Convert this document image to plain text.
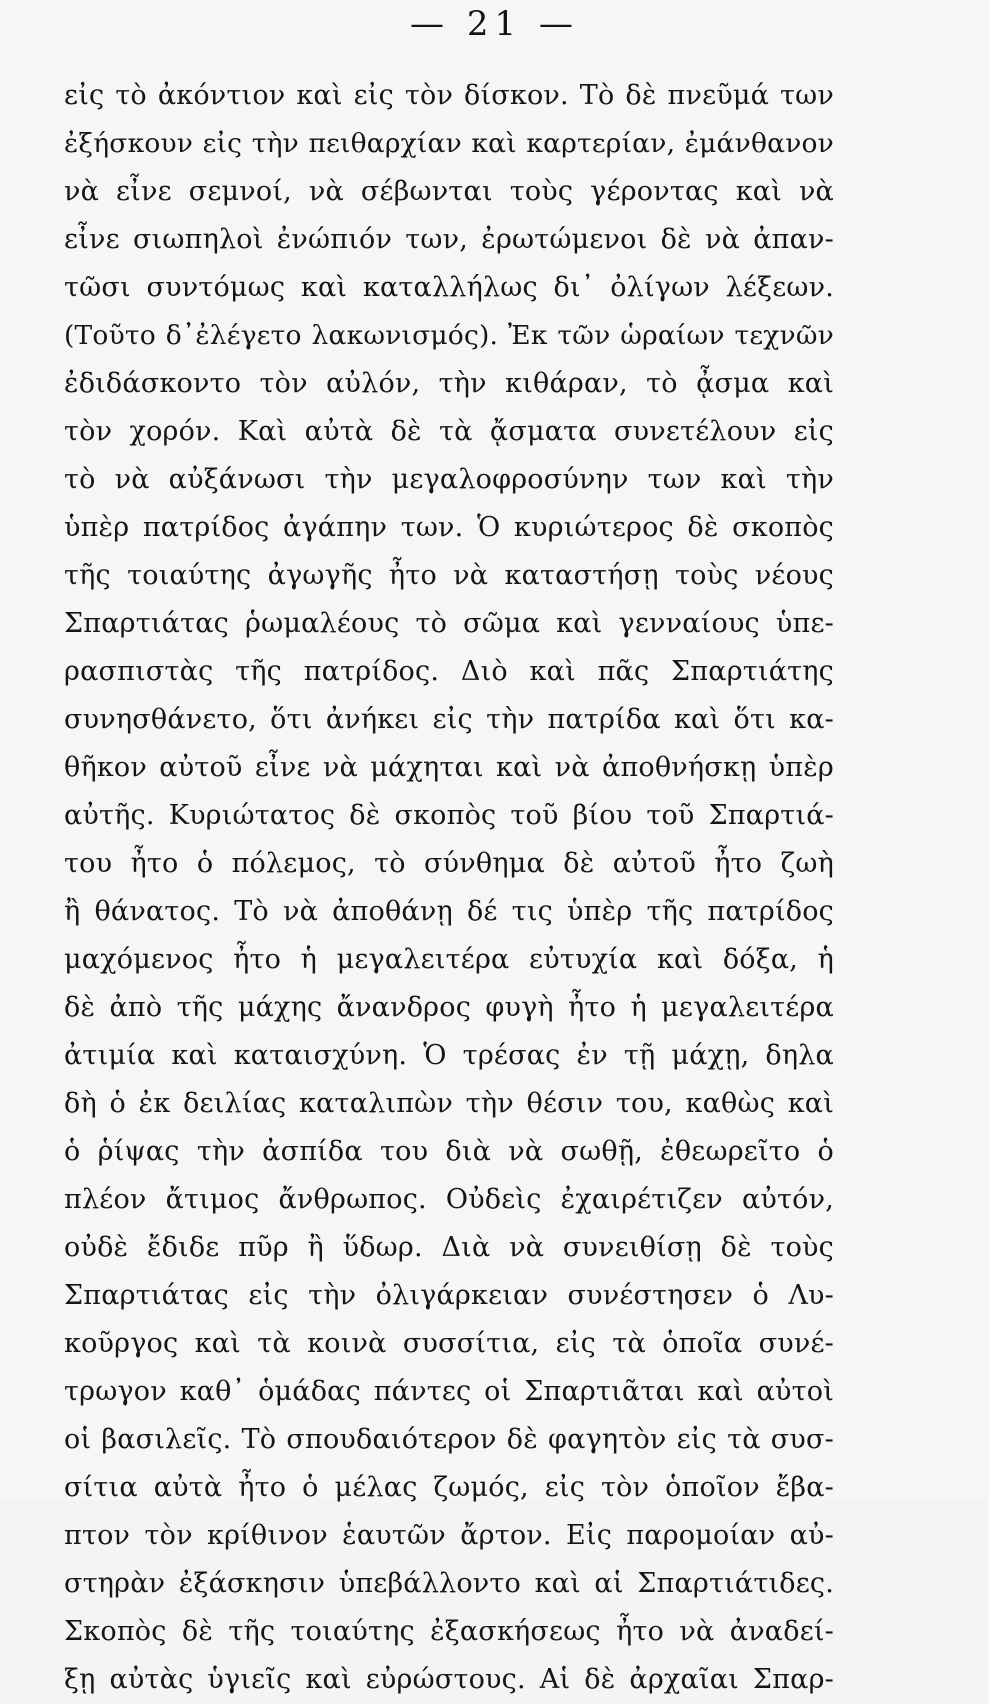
— 21 —
εἰς τὸ ἀκόντιον καὶ εἰς τὸν δίσκον. Τὸ δὲ πνεῦμά των
ἐξήσκουν εἰς τὴν πειθαρχίαν καὶ καρτερίαν, ἐμάνθανον
νὰ εἶνε σεμνοί, νὰ σέβωνται τοὺς γέροντας καὶ νὰ
εἶνε σιωπηλοὶ ἐνώπιόν των, ἐρωτώμενοι δὲ νὰ ἀπαν-
τῶσι συντόμως καὶ καταλλήλως δι᾽ ὀλίγων λέξεων.
(Τοῦτο δ᾽ἐλέγετο λακωνισμός). Ἐκ τῶν ὡραίων τεχνῶν
ἐδιδάσκοντο τὸν αὐλόν, τὴν κιθάραν, τὸ ᾆσμα καὶ
τὸν χορόν. Καὶ αὐτὰ δὲ τὰ ᾄσματα συνετέλουν εἰς
τὸ νὰ αὐξάνωσι τὴν μεγαλοφροσύνην των καὶ τὴν
ὑπὲρ πατρίδος ἀγάπην των. Ὁ κυριώτερος δὲ σκοπὸς
τῆς τοιαύτης ἀγωγῆς ἦτο νὰ καταστήσῃ τοὺς νέους
Σπαρτιάτας ῥωμαλέους τὸ σῶμα καὶ γενναίους ὑπε-
ρασπιστὰς τῆς πατρίδος. Διὸ καὶ πᾶς Σπαρτιάτης
συνησθάνετο, ὅτι ἀνήκει εἰς τὴν πατρίδα καὶ ὅτι κα-
θῆκον αὐτοῦ εἶνε νὰ μάχηται καὶ νὰ ἀποθνήσκῃ ὑπὲρ
αὐτῆς. Κυριώτατος δὲ σκοπὸς τοῦ βίου τοῦ Σπαρτιά-
του ἦτο ὁ πόλεμος, τὸ σύνθημα δὲ αὐτοῦ ἦτο ζωὴ
ἢ θάνατος. Τὸ νὰ ἀποθάνῃ δέ τις ὑπὲρ τῆς πατρίδος
μαχόμενος ἦτο ἡ μεγαλειτέρα εὐτυχία καὶ δόξα, ἡ
δὲ ἀπὸ τῆς μάχης ἄνανδρος φυγὴ ἦτο ἡ μεγαλειτέρα
ἀτιμία καὶ καταισχύνη. Ὁ τρέσας ἐν τῇ μάχῃ, δηλα
δὴ ὁ ἐκ δειλίας καταλιπὼν τὴν θέσιν του, καθὼς καὶ
ὁ ῥίψας τὴν ἀσπίδα του διὰ νὰ σωθῇ, ἐθεωρεῖτο ὁ
πλέον ἄτιμος ἄνθρωπος. Οὐδεὶς ἐχαιρέτιζεν αὐτόν,
οὐδὲ ἔδιδε πῦρ ἢ ὕδωρ. Διὰ νὰ συνειθίσῃ δὲ τοὺς
Σπαρτιάτας εἰς τὴν ὀλιγάρκειαν συνέστησεν ὁ Λυ-
κοῦργος καὶ τὰ κοινὰ συσσίτια, εἰς τὰ ὁποῖα συνέ-
τρωγον καθ᾽ ὁμάδας πάντες οἱ Σπαρτιᾶται καὶ αὐτοὶ
οἱ βασιλεῖς. Τὸ σπουδαιότερον δὲ φαγητὸν εἰς τὰ συσ-
σίτια αὐτὰ ἦτο ὁ μέλας ζωμός, εἰς τὸν ὁποῖον ἔβα-
πτον τὸν κρίθινον ἑαυτῶν ἄρτον. Εἰς παρομοίαν αὐ-
στηρὰν ἐξάσκησιν ὑπεβάλλοντο καὶ αἱ Σπαρτιάτιδες.
Σκοπὸς δὲ τῆς τοιαύτης ἐξασκήσεως ἦτο νὰ ἀναδεί-
ξῃ αὐτὰς ὑγιεῖς καὶ εὐρώστους. Αἱ δὲ ἀρχαῖαι Σπαρ-
